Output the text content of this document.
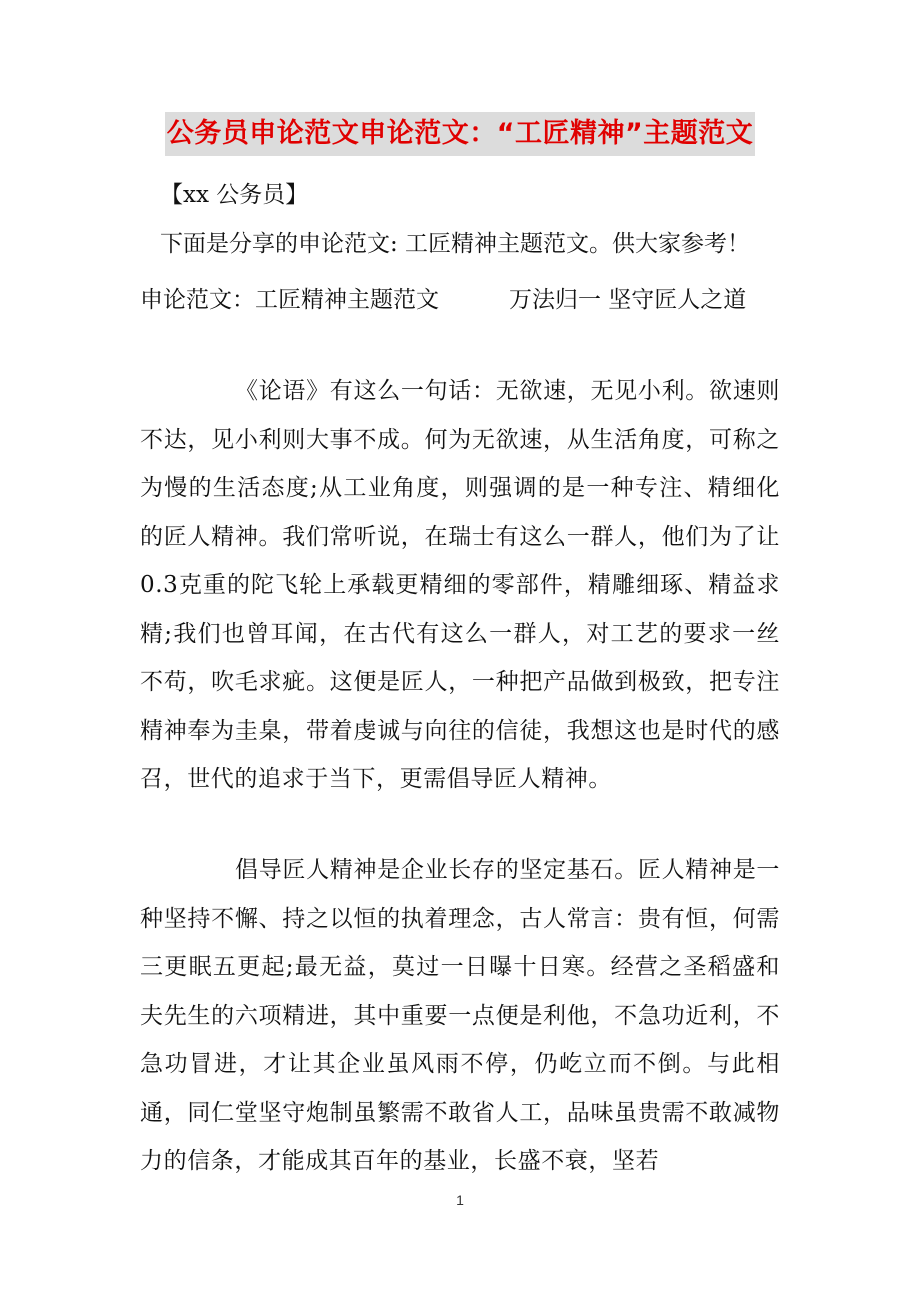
公务员申论范文申论范文：“工匠精神”主题范文
【xx 公务员】
下面是分享的申论范文: 工匠精神主题范文。供大家参考！
申论范文：工匠精神主题范文	万法归一 坚守匠人之道
《论语》有这么一句话：无欲速，无见小利。欲速则不达，见小利则大事不成。何为无欲速，从生活角度，可称之为慢的生活态度;从工业角度，则强调的是一种专注、精细化的匠人精神。我们常听说，在瑞士有这么一群人，他们为了让0.3克重的陀飞轮上承载更精细的零部件，精雕细琢、精益求精;我们也曾耳闻，在古代有这么一群人，对工艺的要求一丝不苟，吹毛求疵。这便是匠人，一种把产品做到极致，把专注精神奉为圭臬，带着虔诚与向往的信徒，我想这也是时代的感召，世代的追求于当下，更需倡导匠人精神。
倡导匠人精神是企业长存的坚定基石。匠人精神是一种坚持不懈、持之以恒的执着理念，古人常言：贵有恒，何需三更眠五更起;最无益，莫过一日曝十日寒。经营之圣稻盛和夫先生的六项精进，其中重要一点便是利他，不急功近利，不急功冒进，才让其企业虽风雨不停，仍屹立而不倒。与此相通，同仁堂坚守炮制虽繁需不敢省人工，品味虽贵需不敢减物力的信条，才能成其百年的基业，长盛不衰，坚若
1
